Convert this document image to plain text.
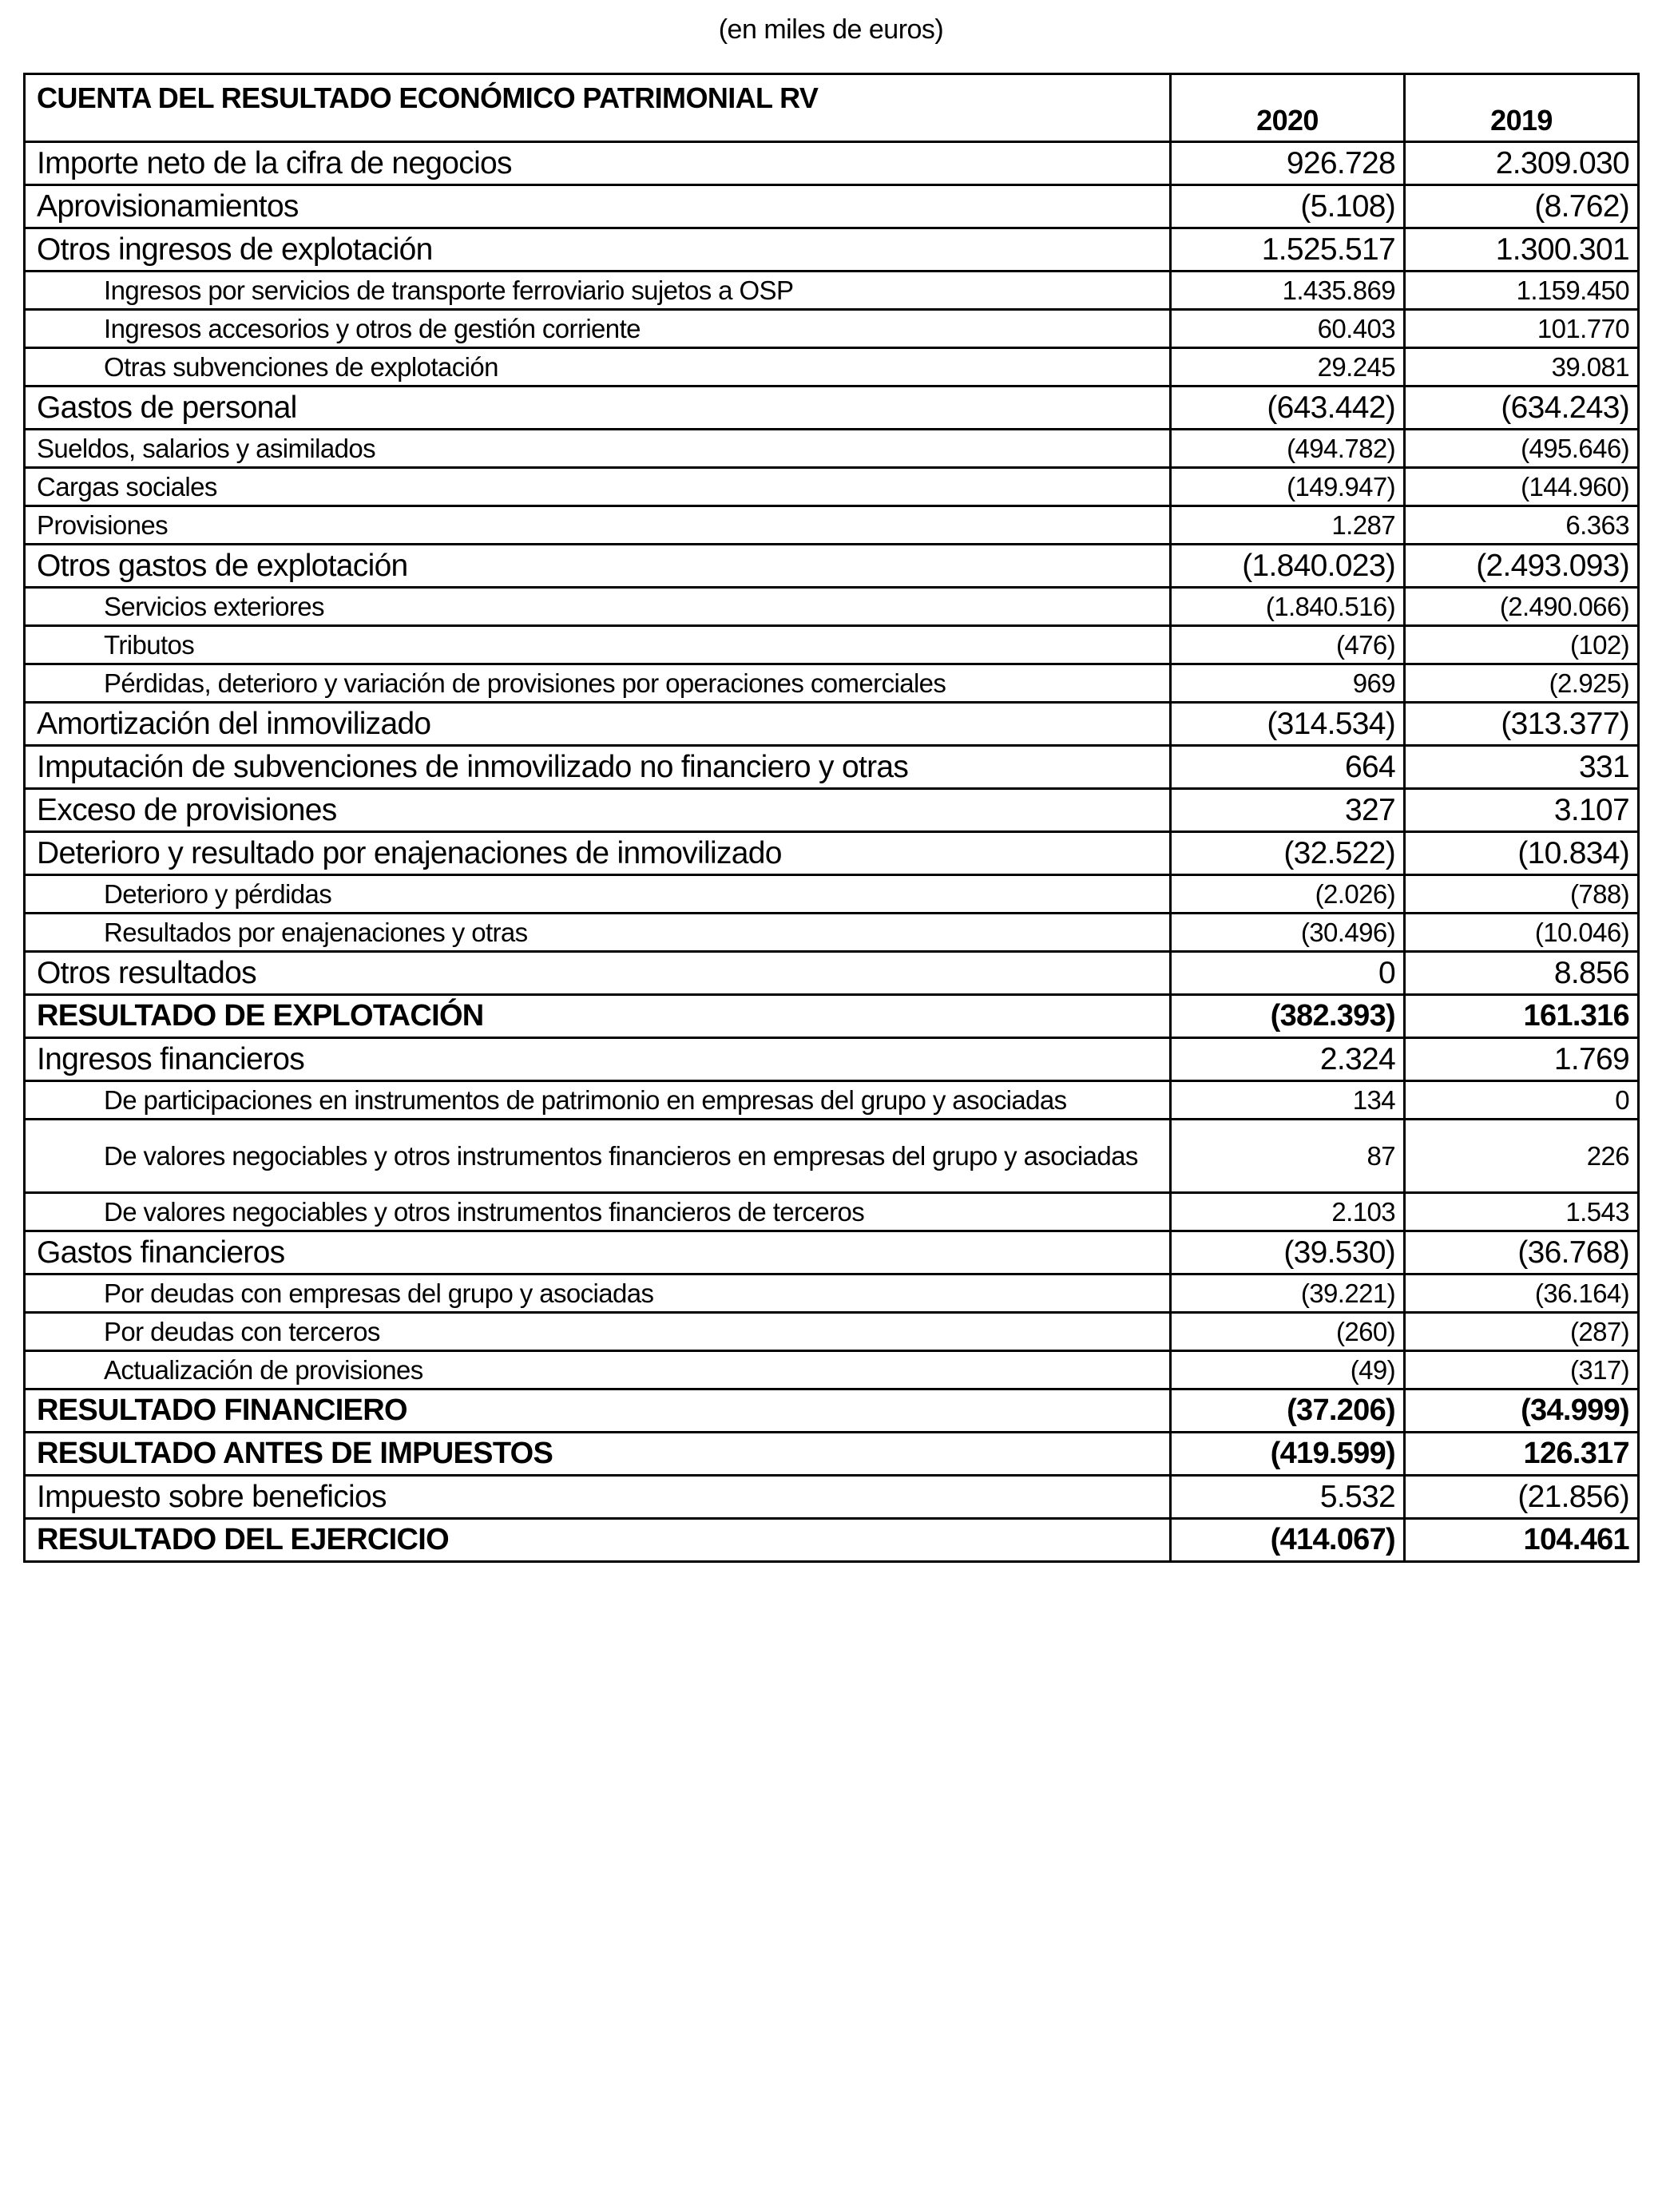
(en miles de euros)
CUENTA DEL RESULTADO ECONÓMICO PATRIMONIAL RV	2020	2019
Importe neto de la cifra de negocios	926.728	2.309.030
Aprovisionamientos	(5.108)	(8.762)
Otros ingresos de explotación	1.525.517	1.300.301
Ingresos por servicios de transporte ferroviario sujetos a OSP	1.435.869	1.159.450
Ingresos accesorios y otros de gestión corriente	60.403	101.770
Otras subvenciones de explotación	29.245	39.081
Gastos de personal	(643.442)	(634.243)
Sueldos, salarios y asimilados	(494.782)	(495.646)
Cargas sociales	(149.947)	(144.960)
Provisiones	1.287	6.363
Otros gastos de explotación	(1.840.023)	(2.493.093)
Servicios exteriores	(1.840.516)	(2.490.066)
Tributos	(476)	(102)
Pérdidas, deterioro y variación de provisiones por operaciones comerciales	969	(2.925)
Amortización del inmovilizado	(314.534)	(313.377)
Imputación de subvenciones de inmovilizado no financiero y otras	664	331
Exceso de provisiones	327	3.107
Deterioro y resultado por enajenaciones de inmovilizado	(32.522)	(10.834)
Deterioro y pérdidas	(2.026)	(788)
Resultados por enajenaciones y otras	(30.496)	(10.046)
Otros resultados	0	8.856
RESULTADO DE EXPLOTACIÓN	(382.393)	161.316
Ingresos financieros	2.324	1.769
De participaciones en instrumentos de patrimonio en empresas del grupo y asociadas	134	0
De valores negociables y otros instrumentos financieros en empresas del grupo y asociadas	87	226
De valores negociables y otros instrumentos financieros de terceros	2.103	1.543
Gastos financieros	(39.530)	(36.768)
Por deudas con empresas del grupo y asociadas	(39.221)	(36.164)
Por deudas con terceros	(260)	(287)
Actualización de provisiones	(49)	(317)
RESULTADO FINANCIERO	(37.206)	(34.999)
RESULTADO ANTES DE IMPUESTOS	(419.599)	126.317
Impuesto sobre beneficios	5.532	(21.856)
RESULTADO DEL EJERCICIO	(414.067)	104.461
